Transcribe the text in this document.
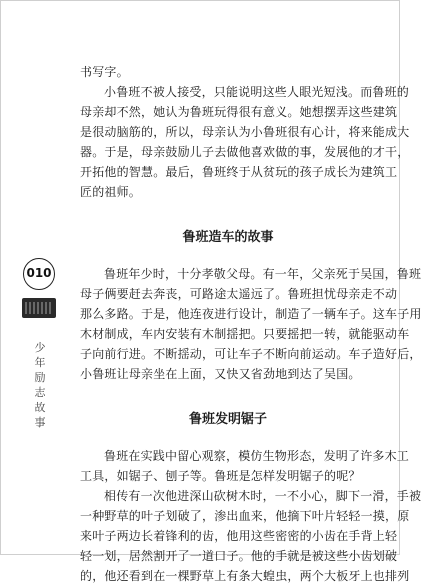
010
少
年
励
志
故
事
书写字。
小鲁班不被人接受，只能说明这些人眼光短浅。而鲁班的
母亲却不然，她认为鲁班玩得很有意义。她想摆弄这些建筑
是很动脑筋的，所以，母亲认为小鲁班很有心计，将来能成大
器。于是，母亲鼓励儿子去做他喜欢做的事，发展他的才干，
开拓他的智慧。最后，鲁班终于从贫玩的孩子成长为建筑工
匠的祖师。
鲁班造车的故事
鲁班年少时，十分孝敬父母。有一年，父亲死于吴国，鲁班
母子俩要赶去奔丧，可路途太遥远了。鲁班担忧母亲走不动
那么多路。于是，他连夜进行设计，制造了一辆车子。这车子用
木材制成，车内安装有木制揺把。只要摇把一转，就能驱动车
子向前行进。不断揺动，可让车子不断向前运动。车子造好后，
小鲁班让母亲坐在上面，又快又省劲地到达了吴国。
鲁班发明锯子
鲁班在实践中留心观察，模仿生物形态，发明了许多木工
工具，如锯子、刨子等。鲁班是怎样发明锯子的呢？
相传有一次他进深山砍树木时，一不小心，脚下一滑，手被
一种野草的叶子划破了，渗出血来，他摘下叶片轻轻一摸，原
来叶子两边长着锋利的齿，他用这些密密的小齿在手背上轻
轻一划，居然割开了一道口子。他的手就是被这些小齿划破
的，他还看到在一棵野草上有条大蝗虫，两个大板牙上也排列
